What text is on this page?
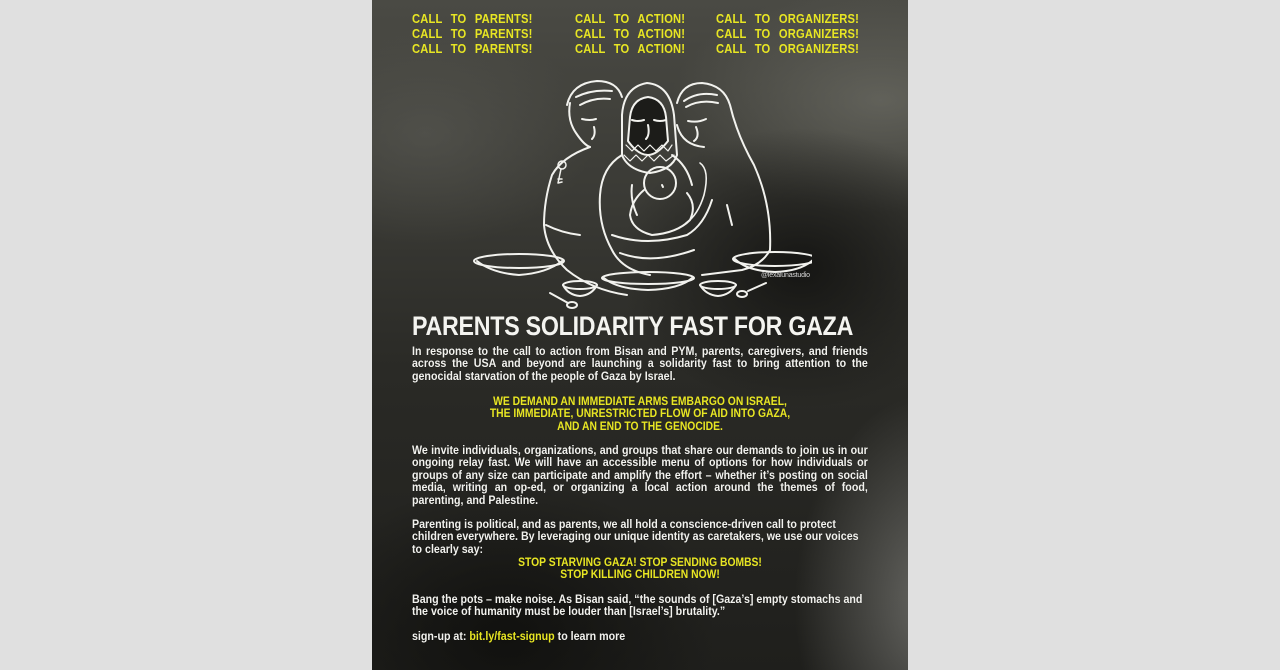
CALL TO PARENTS!
CALL TO PARENTS!
CALL TO PARENTS!
CALL TO ACTION!
CALL TO ACTION!
CALL TO ACTION!
CALL TO ORGANIZERS!
CALL TO ORGANIZERS!
CALL TO ORGANIZERS!
@lexalunastudio
PARENTS SOLIDARITY FAST FOR GAZA
In response to the call to action from Bisan and PYM, parents, caregivers, and friends across the USA and beyond are launching a solidarity fast to bring attention to the genocidal starvation of the people of Gaza by Israel.
WE DEMAND AN IMMEDIATE ARMS EMBARGO ON ISRAEL,
THE IMMEDIATE, UNRESTRICTED FLOW OF AID INTO GAZA,
AND AN END TO THE GENOCIDE.
We invite individuals, organizations, and groups that share our demands to join us in our ongoing relay fast. We will have an accessible menu of options for how individuals or groups of any size can participate and amplify the effort – whether it’s posting on social media, writing an op-ed, or organizing a local action around the themes of food, parenting, and Palestine.
Parenting is political, and as parents, we all hold a conscience-driven call to protect children everywhere. By leveraging our unique identity as caretakers, we use our voices to clearly say:
STOP STARVING GAZA! STOP SENDING BOMBS!
STOP KILLING CHILDREN NOW!
Bang the pots – make noise. As Bisan said, “the sounds of [Gaza’s] empty stomachs and the voice of humanity must be louder than [Israel’s] brutality.”
sign-up at: bit.ly/fast-signup to learn more
